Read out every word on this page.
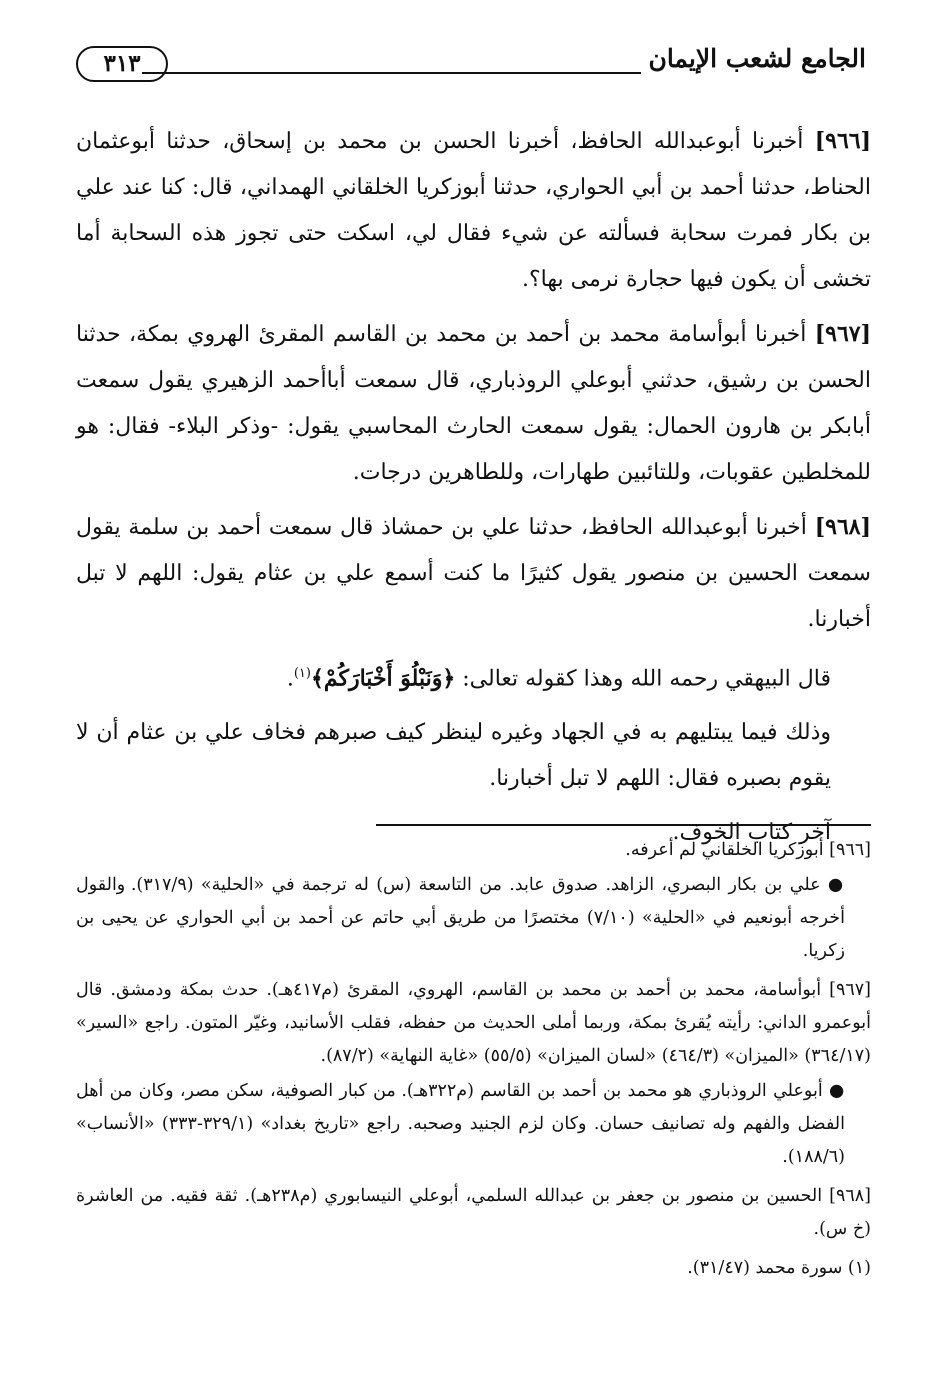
الجامع لشعب الإيمان
٣١٣

[٩٦٦] أخبرنا أبوعبدالله الحافظ، أخبرنا الحسن بن محمد بن إسحاق، حدثنا أبوعثمان الحناط، حدثنا أحمد بن أبي الحواري، حدثنا أبوزكريا الخلقاني الهمداني، قال: كنا عند علي بن بكار فمرت سحابة فسألته عن شيء فقال لي، اسكت حتى تجوز هذه السحابة أما تخشى أن يكون فيها حجارة نرمى بها؟.

[٩٦٧] أخبرنا أبوأسامة محمد بن أحمد بن محمد بن القاسم المقرئ الهروي بمكة، حدثنا الحسن بن رشيق، حدثني أبوعلي الروذباري، قال سمعت أباأحمد الزهيري يقول سمعت أبابكر بن هارون الحمال: يقول سمعت الحارث المحاسبي يقول: -وذكر البلاء- فقال: هو للمخلطين عقوبات، وللتائبين طهارات، وللطاهرين درجات.

[٩٦٨] أخبرنا أبوعبدالله الحافظ، حدثنا علي بن حمشاذ قال سمعت أحمد بن سلمة يقول سمعت الحسين بن منصور يقول كثيرًا ما كنت أسمع علي بن عثام يقول: اللهم لا تبل أخبارنا.

قال البيهقي رحمه الله وهذا كقوله تعالى: ﴿وَنَبْلُوَ أَخْبَارَكُمْ﴾$^{(١)}$.

وذلك فيما يبتليهم به في الجهاد وغيره لينظر كيف صبرهم فخاف علي بن عثام أن لا يقوم بصبره فقال: اللهم لا تبل أخبارنا.

آخر كتاب الخوف.

[٩٦٦] أبوزكريا الخلقاني لم أعرفه.

● علي بن بكار البصري، الزاهد. صدوق عابد. من التاسعة (س) له ترجمة في «الحلية» (٣١٧/٩). والقول أخرجه أبونعيم في «الحلية» (٧/١٠) مختصرًا من طريق أبي حاتم عن أحمد بن أبي الحواري عن يحيى بن زكريا.

[٩٦٧] أبوأسامة، محمد بن أحمد بن محمد بن القاسم، الهروي، المقرئ (م٤١٧هـ). حدث بمكة ودمشق. قال أبوعمرو الداني: رأيته يُقرئ بمكة، وربما أملى الحديث من حفظه، فقلب الأسانيد، وغيّر المتون. راجع «السير» (٣٦٤/١٧) «الميزان» (٤٦٤/٣) «لسان الميزان» (٥٥/٥) «غاية النهاية» (٨٧/٢).

● أبوعلي الروذباري هو محمد بن أحمد بن القاسم (م٣٢٢هـ). من كبار الصوفية، سكن مصر، وكان من أهل الفضل والفهم وله تصانيف حسان. وكان لزم الجنيد وصحبه. راجع «تاريخ بغداد» (٣٢٩/١-٣٣٣) «الأنساب» (١٨٨/٦).

[٩٦٨] الحسين بن منصور بن جعفر بن عبدالله السلمي، أبوعلي النيسابوري (م٢٣٨هـ). ثقة فقيه. من العاشرة (خ س).

(١) سورة محمد (٣١/٤٧).
